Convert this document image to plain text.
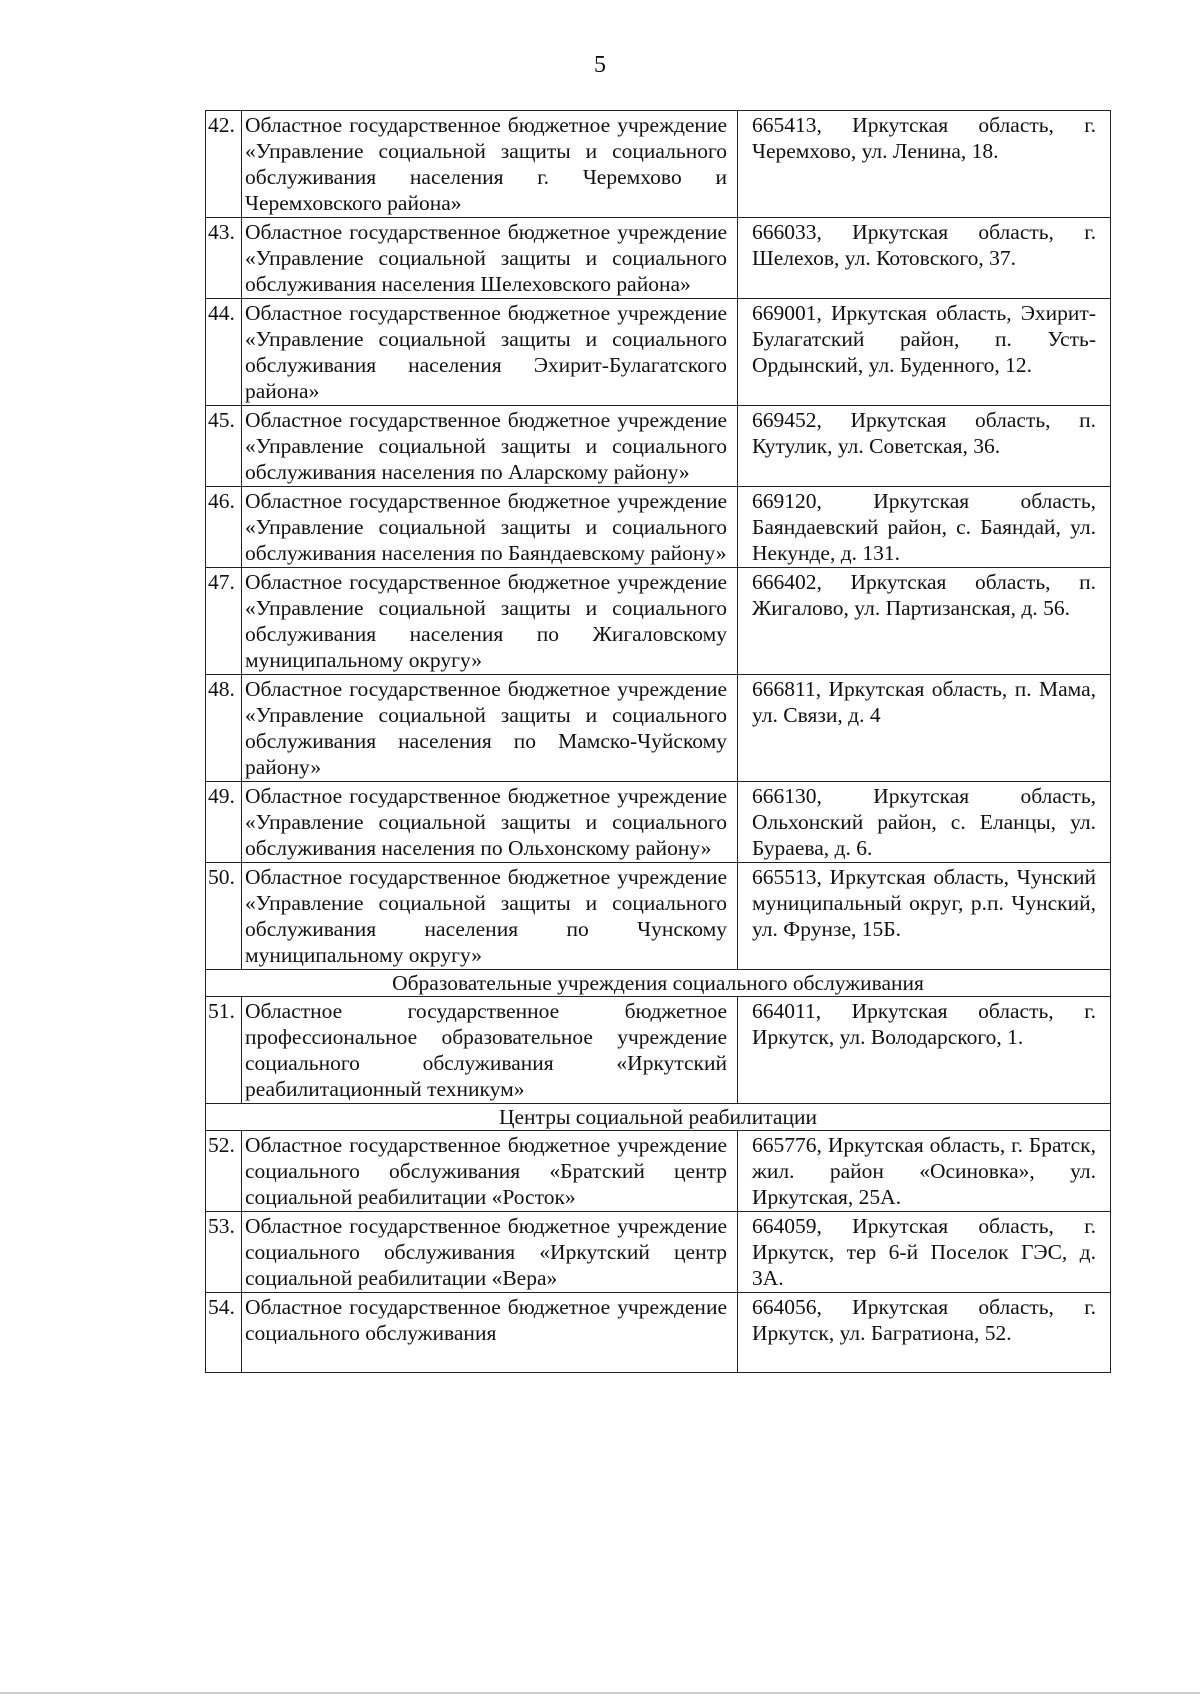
5
42.	Областное государственное бюджетное учреждение «Управление социальной защиты и социального обслуживания населения г. Черемхово и Черемховского района»	665413, Иркутская область, г. Черемхово, ул. Ленина, 18.
43.	Областное государственное бюджетное учреждение «Управление социальной защиты и социального обслуживания населения Шелеховского района»	666033, Иркутская область, г. Шелехов, ул. Котовского, 37.
44.	Областное государственное бюджетное учреждение «Управление социальной защиты и социального обслуживания населения Эхирит-Булагатского района»	669001, Иркутская область, Эхирит-Булагатский район, п. Усть-Ордынский, ул. Буденного, 12.
45.	Областное государственное бюджетное учреждение «Управление социальной защиты и социального обслуживания населения по Аларскому району»	669452, Иркутская область, п. Кутулик, ул. Советская, 36.
46.	Областное государственное бюджетное учреждение «Управление социальной защиты и социального обслуживания населения по Баяндаевскому району»	669120, Иркутская область, Баяндаевский район, с. Баяндай, ул. Некунде, д. 131.
47.	Областное государственное бюджетное учреждение «Управление социальной защиты и социального обслуживания населения по Жигаловскому муниципальному округу»	666402, Иркутская область, п. Жигалово, ул. Партизанская, д. 56.
48.	Областное государственное бюджетное учреждение «Управление социальной защиты и социального обслуживания населения по Мамско-Чуйскому району»	666811, Иркутская область, п. Мама, ул. Связи, д. 4
49.	Областное государственное бюджетное учреждение «Управление социальной защиты и социального обслуживания населения по Ольхонскому району»	666130, Иркутская область, Ольхонский район, с. Еланцы, ул. Бураева, д. 6.
50.	Областное государственное бюджетное учреждение «Управление социальной защиты и социального обслуживания населения по Чунскому муниципальному округу»	665513, Иркутская область, Чунский муниципальный округ, р.п. Чунский, ул. Фрунзе, 15Б.
Образовательные учреждения социального обслуживания		
51.	Областное государственное бюджетное профессиональное образовательное учреждение социального обслуживания «Иркутский реабилитационный техникум»	664011, Иркутская область, г. Иркутск, ул. Володарского, 1.
Центры социальной реабилитации		
52.	Областное государственное бюджетное учреждение социального обслуживания «Братский центр социальной реабилитации «Росток»	665776, Иркутская область, г. Братск, жил. район «Осиновка», ул. Иркутская, 25А.
53.	Областное государственное бюджетное учреждение социального обслуживания «Иркутский центр социальной реабилитации «Вера»	664059, Иркутская область, г. Иркутск, тер 6-й Поселок ГЭС, д. 3А.
54.	Областное государственное бюджетное учреждение социального обслуживания	664056, Иркутская область, г. Иркутск, ул. Багратиона, 52.
